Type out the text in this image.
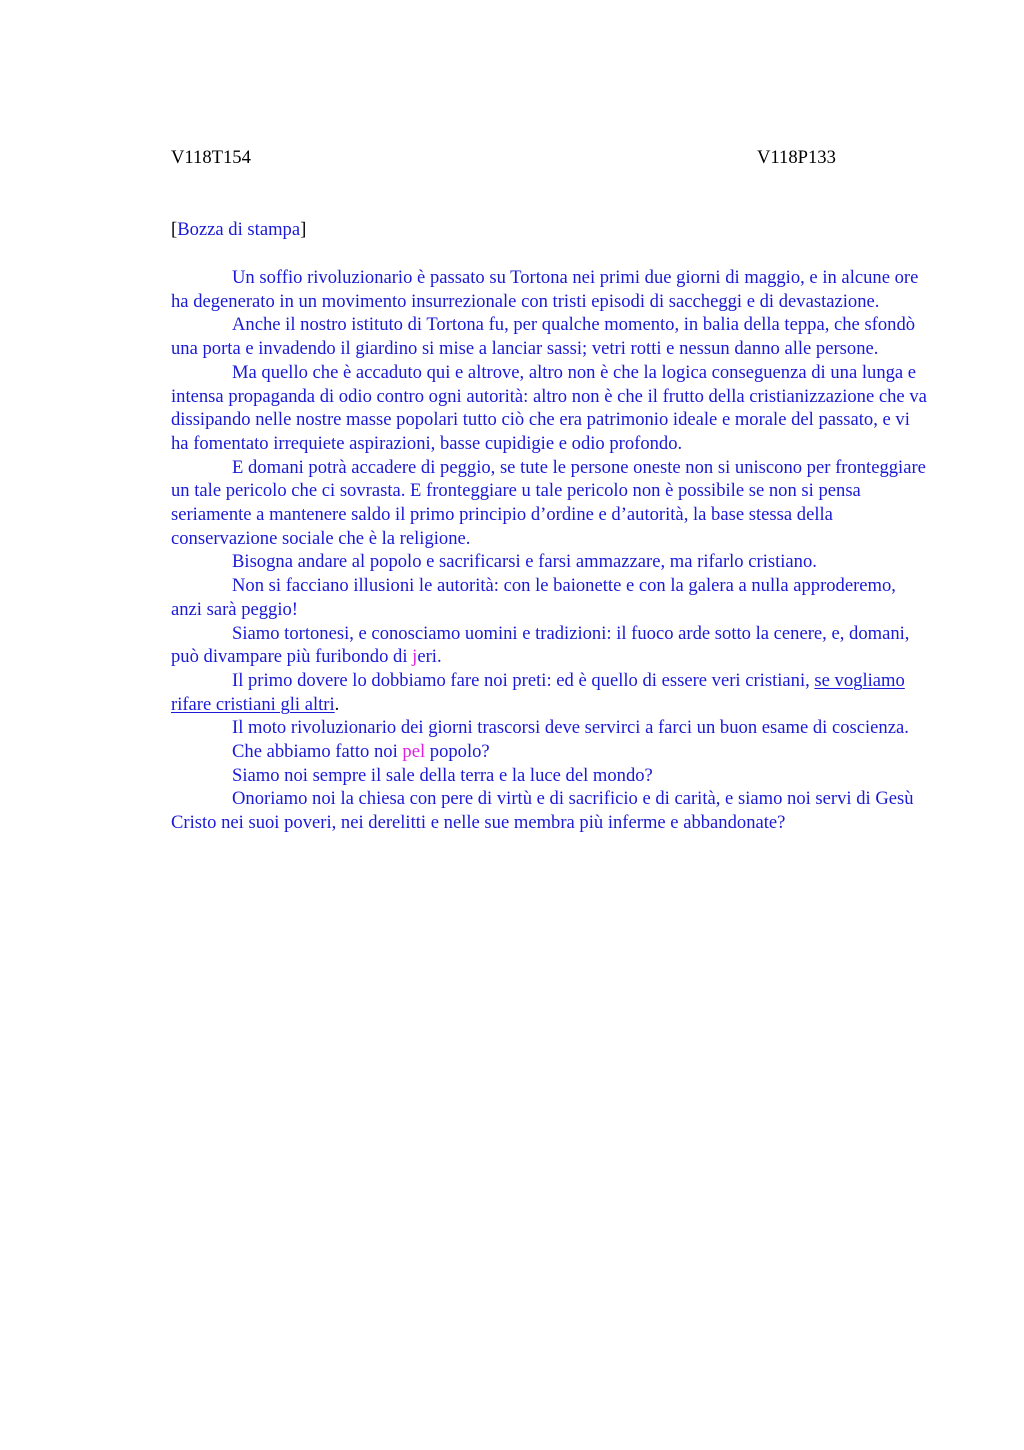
V118T154	V118P133
[Bozza di stampa]

Un soffio rivoluzionario è passato su Tortona nei primi due giorni di maggio, e in alcune ore ha degenerato in un movimento insurrezionale con tristi episodi di saccheggi e di devastazione.

Anche il nostro istituto di Tortona fu, per qualche momento, in balia della teppa, che sfondò una porta e invadendo il giardino si mise a lanciar sassi; vetri rotti e nessun danno alle persone.

Ma quello che è accaduto qui e altrove, altro non è che la logica conseguenza di una lunga e intensa propaganda di odio contro ogni autorità: altro non è che il frutto della cristianizzazione che va dissipando nelle nostre masse popolari tutto ciò che era patrimonio ideale e morale del passato, e vi ha fomentato irrequiete aspirazioni, basse cupidigie e odio profondo.

E domani potrà accadere di peggio, se tute le persone oneste non si uniscono per fronteggiare un tale pericolo che ci sovrasta. E fronteggiare u tale pericolo non è possibile se non si pensa seriamente a mantenere saldo il primo principio d’ordine e d’autorità, la base stessa della conservazione sociale che è la religione.

Bisogna andare al popolo e sacrificarsi e farsi ammazzare, ma rifarlo cristiano.

Non si facciano illusioni le autorità: con le baionette e con la galera a nulla approderemo, anzi sarà peggio!

Siamo tortonesi, e conosciamo uomini e tradizioni: il fuoco arde sotto la cenere, e, domani, può divampare più furibondo di jeri.

Il primo dovere lo dobbiamo fare noi preti: ed è quello di essere veri cristiani, se vogliamo rifare cristiani gli altri.

Il moto rivoluzionario dei giorni trascorsi deve servirci a farci un buon esame di coscienza.

Che abbiamo fatto noi pel popolo?

Siamo noi sempre il sale della terra e la luce del mondo?

Onoriamo noi la chiesa con pere di virtù e di sacrificio e di carità, e siamo noi servi di Gesù Cristo nei suoi poveri, nei derelitti e nelle sue membra più inferme e abbandonate?
